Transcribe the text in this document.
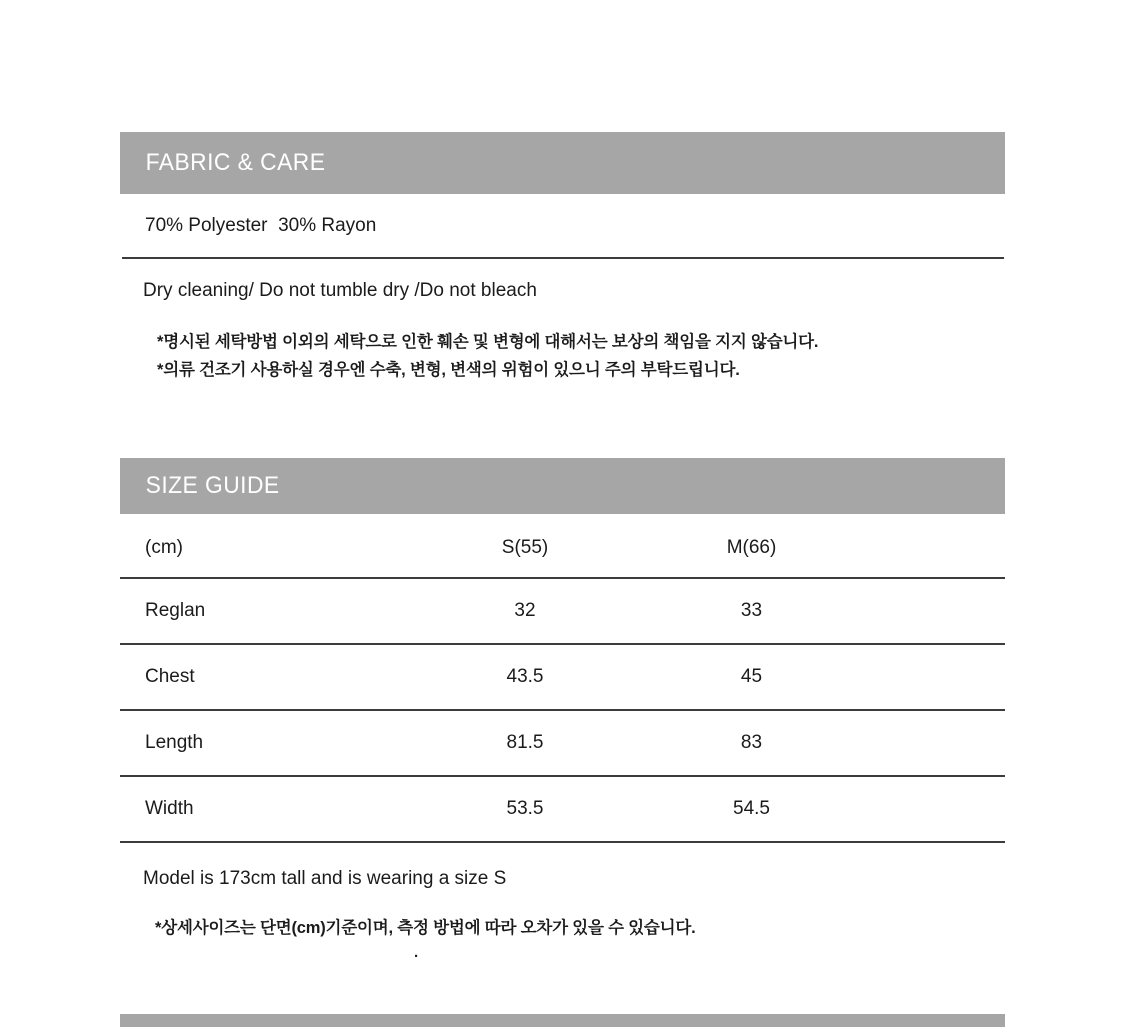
FABRIC & CARE
70% Polyester  30% Rayon
Dry cleaning/ Do not tumble dry /Do not bleach
*명시된 세탁방법 이외의 세탁으로 인한 훼손 및 변형에 대해서는 보상의 책임을 지지 않습니다.
*의류 건조기 사용하실 경우엔 수축, 변형, 변색의 위험이 있으니 주의 부탁드립니다.
SIZE GUIDE
(cm)	S(55)	M(66)
Reglan	32	33
Chest	43.5	45
Length	81.5	83
Width	53.5	54.5
Model is 173cm tall and is wearing a size S
*상세사이즈는 단면(cm)기준이며, 측정 방법에 따라 오차가 있을 수 있습니다.
.
